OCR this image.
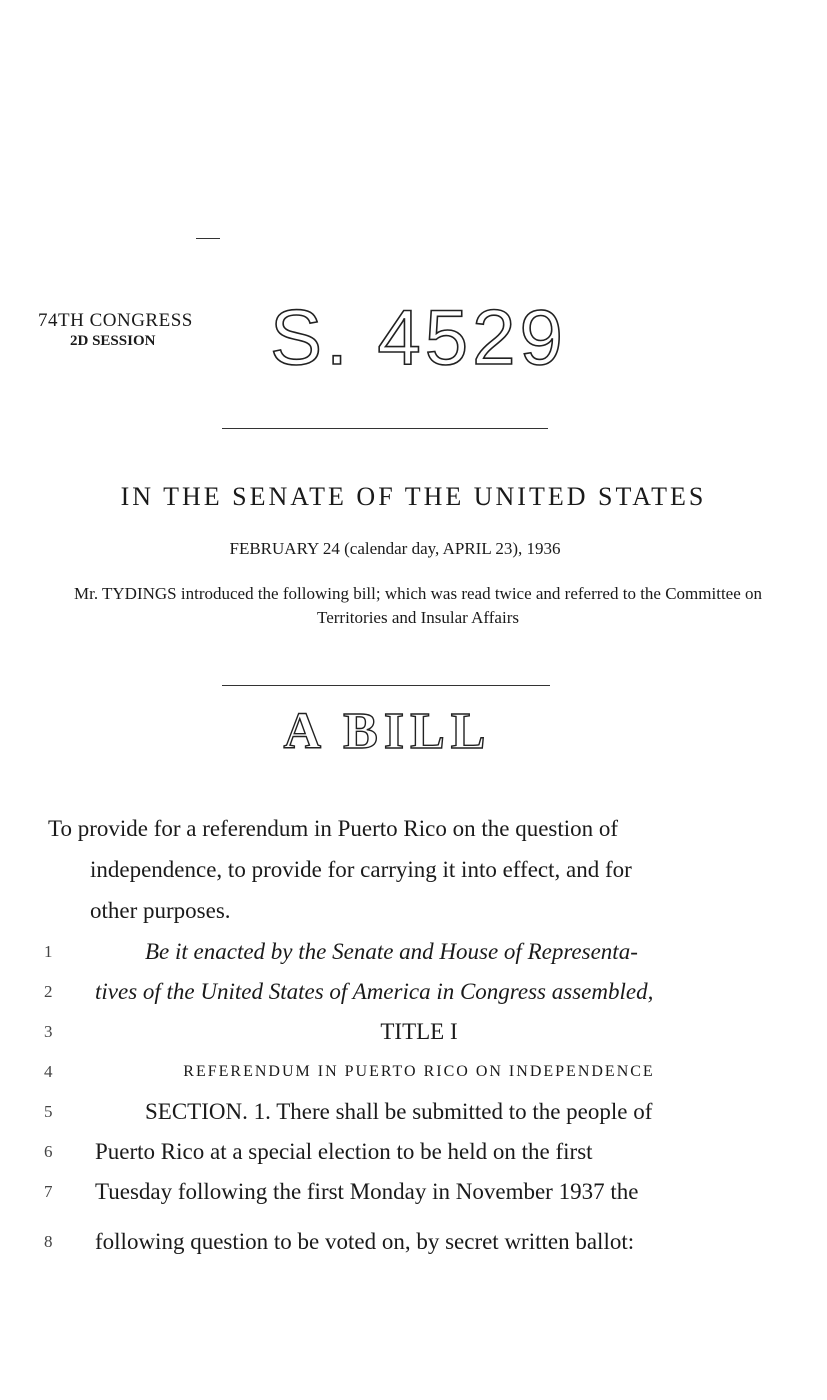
74TH CONGRESS
2D SESSION S. 4529
IN THE SENATE OF THE UNITED STATES
FEBRUARY 24 (calendar day, APRIL 23), 1936
Mr. TYDINGS introduced the following bill; which was read twice and referred to the Committee on Territories and Insular Affairs
A BILL
To provide for a referendum in Puerto Rico on the question of
independence, to provide for carrying it into effect, and for
other purposes.
1	Be it enacted by the Senate and House of Representa-
2	tives of the United States of America in Congress assembled,
3	TITLE I
4	REFERENDUM IN PUERTO RICO ON INDEPENDENCE
5	SECTION. 1. There shall be submitted to the people of
6	Puerto Rico at a special election to be held on the first
7	Tuesday following the first Monday in November 1937 the
8	following question to be voted on, by secret written ballot:
